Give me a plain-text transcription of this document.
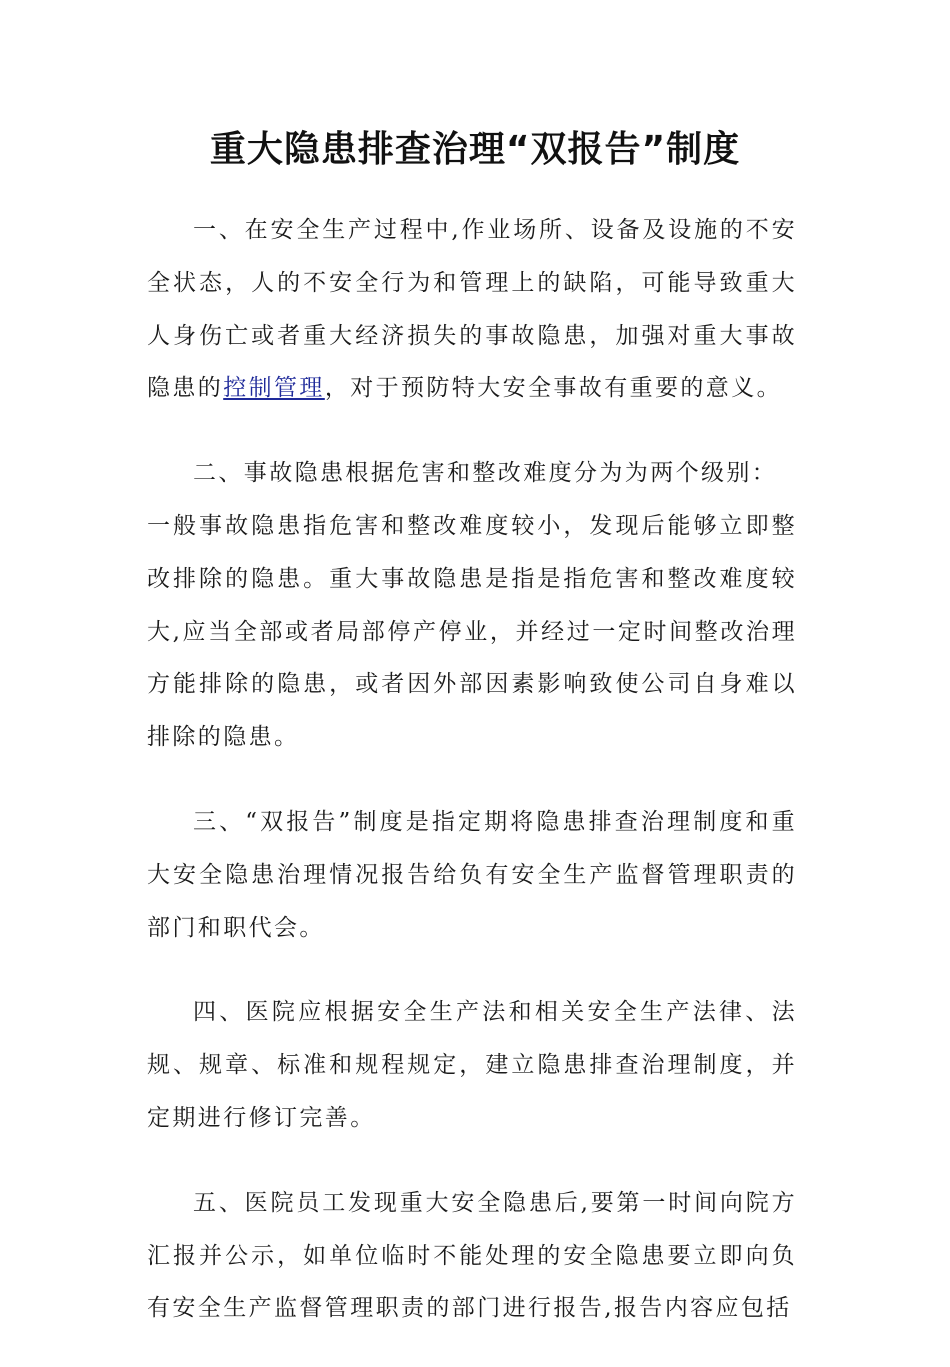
重大隐患排查治理“双报告”制度

一、在安全生产过程中,作业场所、设备及设施的不安全状态，人的不安全行为和管理上的缺陷，可能导致重大人身伤亡或者重大经济损失的事故隐患，加强对重大事故隐患的控制管理，对于预防特大安全事故有重要的意义。

二、事故隐患根据危害和整改难度分为为两个级别：

一般事故隐患指危害和整改难度较小，发现后能够立即整改排除的隐患。重大事故隐患是指是指危害和整改难度较大,应当全部或者局部停产停业，并经过一定时间整改治理方能排除的隐患，或者因外部因素影响致使公司自身难以排除的隐患。

三、“双报告”制度是指定期将隐患排查治理制度和重大安全隐患治理情况报告给负有安全生产监督管理职责的部门和职代会。

四、医院应根据安全生产法和相关安全生产法律、法规、规章、标准和规程规定，建立隐患排查治理制度，并定期进行修订完善。

五、医院员工发现重大安全隐患后,要第一时间向院方汇报并公示，如单位临时不能处理的安全隐患要立即向负有安全生产监督管理职责的部门进行报告,报告内容应包括
